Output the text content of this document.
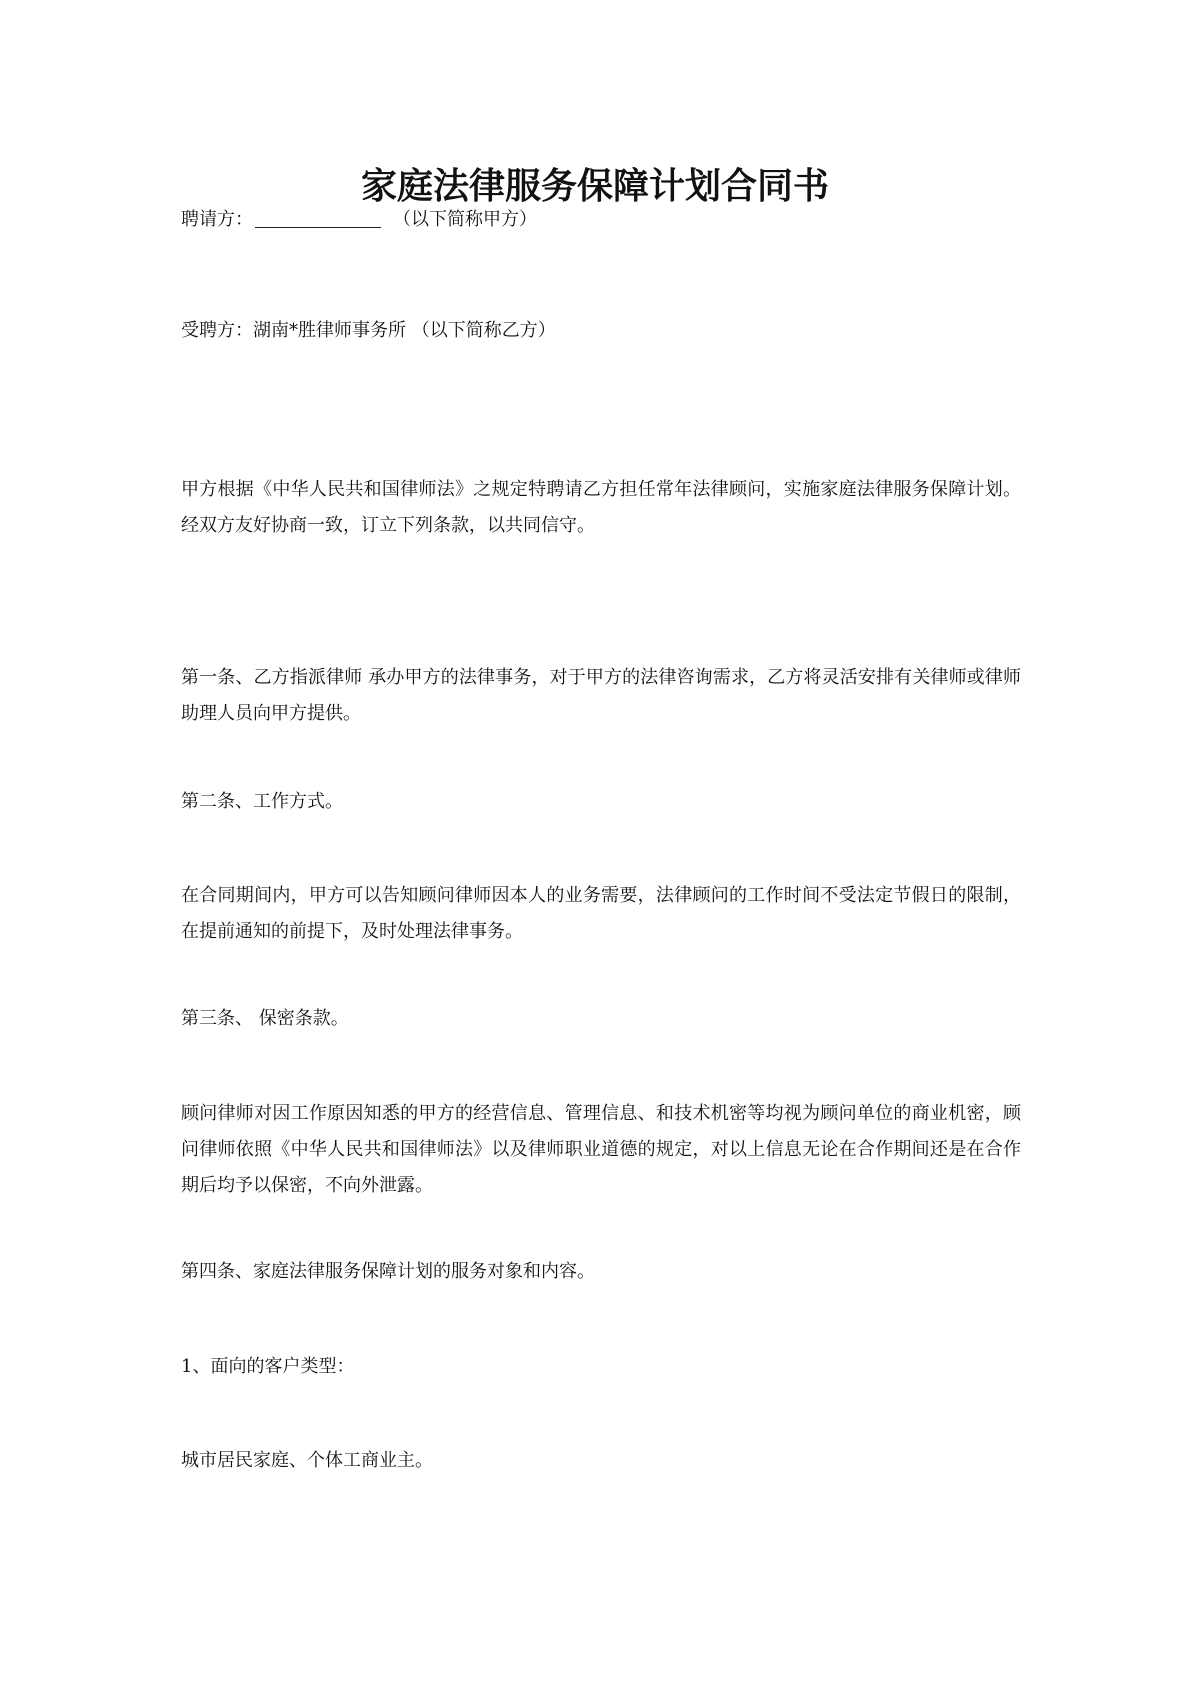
家庭法律服务保障计划合同书
聘请方：	（以下简称甲方）
受聘方：湖南*胜律师事务所 （以下简称乙方）
甲方根据《中华人民共和国律师法》之规定特聘请乙方担任常年法律顾问，实施家庭法律服务保障计划。经双方友好协商一致，订立下列条款，以共同信守。
第一条、乙方指派律师 承办甲方的法律事务，对于甲方的法律咨询需求，乙方将灵活安排有关律师或律师助理人员向甲方提供。
第二条、工作方式。
在合同期间内，甲方可以告知顾问律师因本人的业务需要，法律顾问的工作时间不受法定节假日的限制，在提前通知的前提下，及时处理法律事务。
第三条、 保密条款。
顾问律师对因工作原因知悉的甲方的经营信息、管理信息、和技术机密等均视为顾问单位的商业机密，顾问律师依照《中华人民共和国律师法》以及律师职业道德的规定，对以上信息无论在合作期间还是在合作期后均予以保密，不向外泄露。
第四条、家庭法律服务保障计划的服务对象和内容。
1、面向的客户类型：
城市居民家庭、个体工商业主。
